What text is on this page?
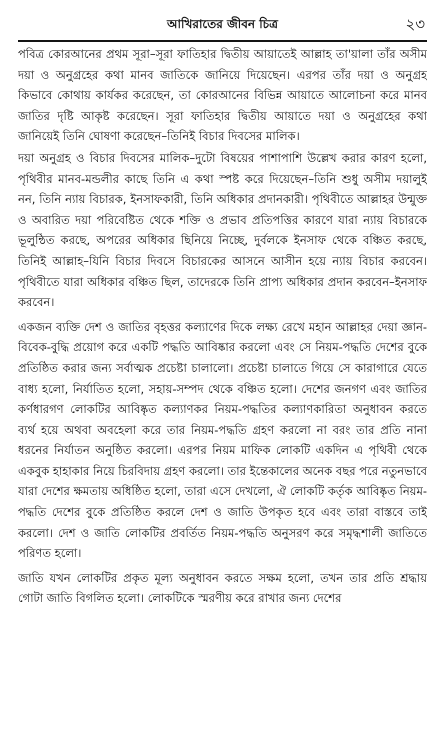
আখিরাতের জীবন চিত্র	২৩

পবিত্র কোরআনের প্রথম সূরা–সূরা ফাতিহার দ্বিতীয় আয়াতেই আল্লাহ তা'য়ালা তাঁর অসীম দয়া ও অনুগ্রহের কথা মানব জাতিকে জানিয়ে দিয়েছেন। এরপর তাঁর দয়া ও অনুগ্রহ কিভাবে কোথায় কার্যকর করেছেন, তা কোরআনের বিভিন্ন আয়াতে আলোচনা করে মানব জাতির দৃষ্টি আকৃষ্ট করেছেন। সূরা ফাতিহার দ্বিতীয় আয়াতে দয়া ও অনুগ্রহের কথা জানিয়েই তিনি ঘোষণা করেছেন–তিনিই বিচার দিবসের মালিক।

দয়া অনুগ্রহ ও বিচার দিবসের মালিক–দুটো বিষয়ের পাশাপাশি উল্লেখ করার কারণ হলো, পৃথিবীর মানব-মন্ডলীর কাছে তিনি এ কথা স্পষ্ট করে দিয়েছেন–তিনি শুধু অসীম দয়ালুই নন, তিনি ন্যায় বিচারক, ইনসাফকারী, তিনি অধিকার প্রদানকারী। পৃথিবীতে আল্লাহর উন্মুক্ত ও অবারিত দয়া পরিবেষ্টিত থেকে শক্তি ও প্রভাব প্রতিপত্তির কারণে যারা ন্যায় বিচারকে ভূলুন্ঠিত করছে, অপরের অধিকার ছিনিয়ে নিচ্ছে, দুর্বলকে ইনসাফ থেকে বঞ্চিত করছে, তিনিই আল্লাহ–যিনি বিচার দিবসে বিচারকের আসনে আসীন হয়ে ন্যায় বিচার করবেন। পৃথিবীতে যারা অধিকার বঞ্চিত ছিল, তাদেরকে তিনি প্রাপ্য অধিকার প্রদান করবেন–ইনসাফ করবেন।

একজন ব্যক্তি দেশ ও জাতির বৃহত্তর কল্যাণের দিকে লক্ষ্য রেখে মহান আল্লাহর দেয়া জ্ঞান-বিবেক-বুদ্ধি প্রয়োগ করে একটি পদ্ধতি আবিষ্কার করলো এবং সে নিয়ম-পদ্ধতি দেশের বুকে প্রতিষ্ঠিত করার জন্য সর্বাত্মক প্রচেষ্টা চালালো। প্রচেষ্টা চালাতে গিয়ে সে কারাগারে যেতে বাধ্য হলো, নির্যাতিত হলো, সহায়-সম্পদ থেকে বঞ্চিত হলো। দেশের জনগণ এবং জাতির কর্ণধারগণ লোকটির আবিষ্কৃত কল্যাণকর নিয়ম-পদ্ধতির কল্যাণকারিতা অনুধাবন করতে ব্যর্থ হয়ে অথবা অবহেলা করে তার নিয়ম-পদ্ধতি গ্রহণ করলো না বরং তার প্রতি নানা ধরনের নির্যাতন অনুষ্ঠিত করলো। এরপর নিয়ম মাফিক লোকটি একদিন এ পৃথিবী থেকে একবুক হাহাকার নিয়ে চিরবিদায় গ্রহণ করলো। তার ইন্তেকালের অনেক বছর পরে নতুনভাবে যারা দেশের ক্ষমতায় অধিষ্ঠিত হলো, তারা এসে দেখলো, ঐ লোকটি কর্তৃক আবিষ্কৃত নিয়ম-পদ্ধতি দেশের বুকে প্রতিষ্ঠিত করলে দেশ ও জাতি উপকৃত হবে এবং তারা বাস্তবে তাই করলো। দেশ ও জাতি লোকটির প্রবর্তিত নিয়ম-পদ্ধতি অনুসরণ করে সমৃদ্ধশালী জাতিতে পরিণত হলো।

জাতি যখন লোকটির প্রকৃত মূল্য অনুধাবন করতে সক্ষম হলো, তখন তার প্রতি শ্রদ্ধায় গোটা জাতি বিগলিত হলো। লোকটিকে স্মরণীয় করে রাখার জন্য দেশের
